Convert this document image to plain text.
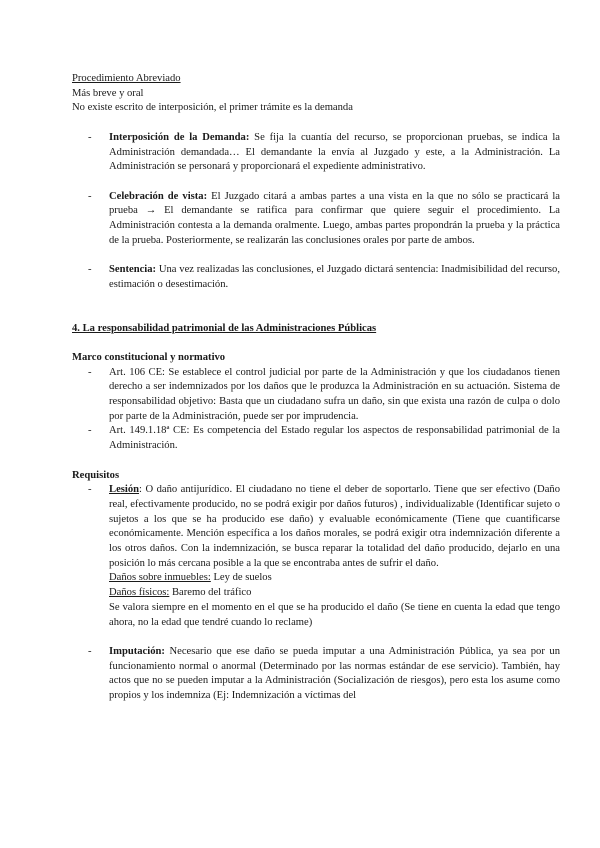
Procedimiento Abreviado

Más breve y oral

No existe escrito de interposición, el primer trámite es la demanda

- Interposición de la Demanda: Se fija la cuantía del recurso, se proporcionan pruebas, se indica la Administración demandada… El demandante la envía al Juzgado y este, a la Administración. La Administración se personará y proporcionará el expediente administrativo.

- Celebración de vista: El Juzgado citará a ambas partes a una vista en la que no sólo se practicará la prueba → El demandante se ratifica para confirmar que quiere seguir el procedimiento. La Administración contesta a la demanda oralmente. Luego, ambas partes propondrán la prueba y la práctica de la prueba. Posteriormente, se realizarán las conclusiones orales por parte de ambos.

- Sentencia: Una vez realizadas las conclusiones, el Juzgado dictará sentencia: Inadmisibilidad del recurso, estimación o desestimación.

4. La responsabilidad patrimonial de las Administraciones Públicas

Marco constitucional y normativo

- Art. 106 CE: Se establece el control judicial por parte de la Administración y que los ciudadanos tienen derecho a ser indemnizados por los daños que le produzca la Administración en su actuación. Sistema de responsabilidad objetivo: Basta que un ciudadano sufra un daño, sin que exista una razón de culpa o dolo por parte de la Administración, puede ser por imprudencia.

- Art. 149.1.18ª CE: Es competencia del Estado regular los aspectos de responsabilidad patrimonial de la Administración.

Requisitos

- Lesión: O daño antijurídico. El ciudadano no tiene el deber de soportarlo. Tiene que ser efectivo (Daño real, efectivamente producido, no se podrá exigir por daños futuros) , individualizable (Identificar sujeto o sujetos a los que se ha producido ese daño) y evaluable económicamente (Tiene que cuantificarse económicamente. Mención específica a los daños morales, se podrá exigir otra indemnización diferente a los otros daños. Con la indemnización, se busca reparar la totalidad del daño producido, dejarlo en una posición lo más cercana posible a la que se encontraba antes de sufrir el daño.

Daños sobre inmuebles: Ley de suelos

Daños físicos: Baremo del tráfico

Se valora siempre en el momento en el que se ha producido el daño (Se tiene en cuenta la edad que tengo ahora, no la edad que tendré cuando lo reclame)

- Imputación: Necesario que ese daño se pueda imputar a una Administración Pública, ya sea por un funcionamiento normal o anormal (Determinado por las normas estándar de ese servicio). También, hay actos que no se pueden imputar a la Administración (Socialización de riesgos), pero esta los asume como propios y los indemniza (Ej: Indemnización a víctimas del
